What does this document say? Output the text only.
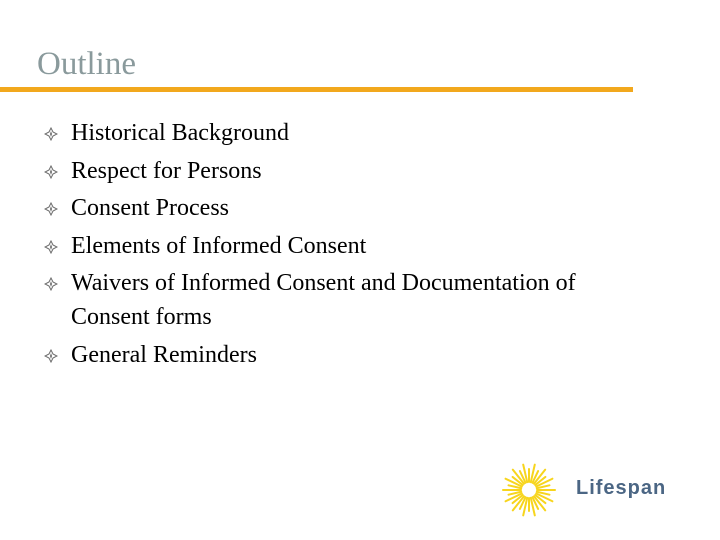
Outline
Historical Background
Respect for Persons
Consent Process
Elements of Informed Consent
Waivers of Informed Consent and Documentation of Consent forms
General Reminders
Lifespan
